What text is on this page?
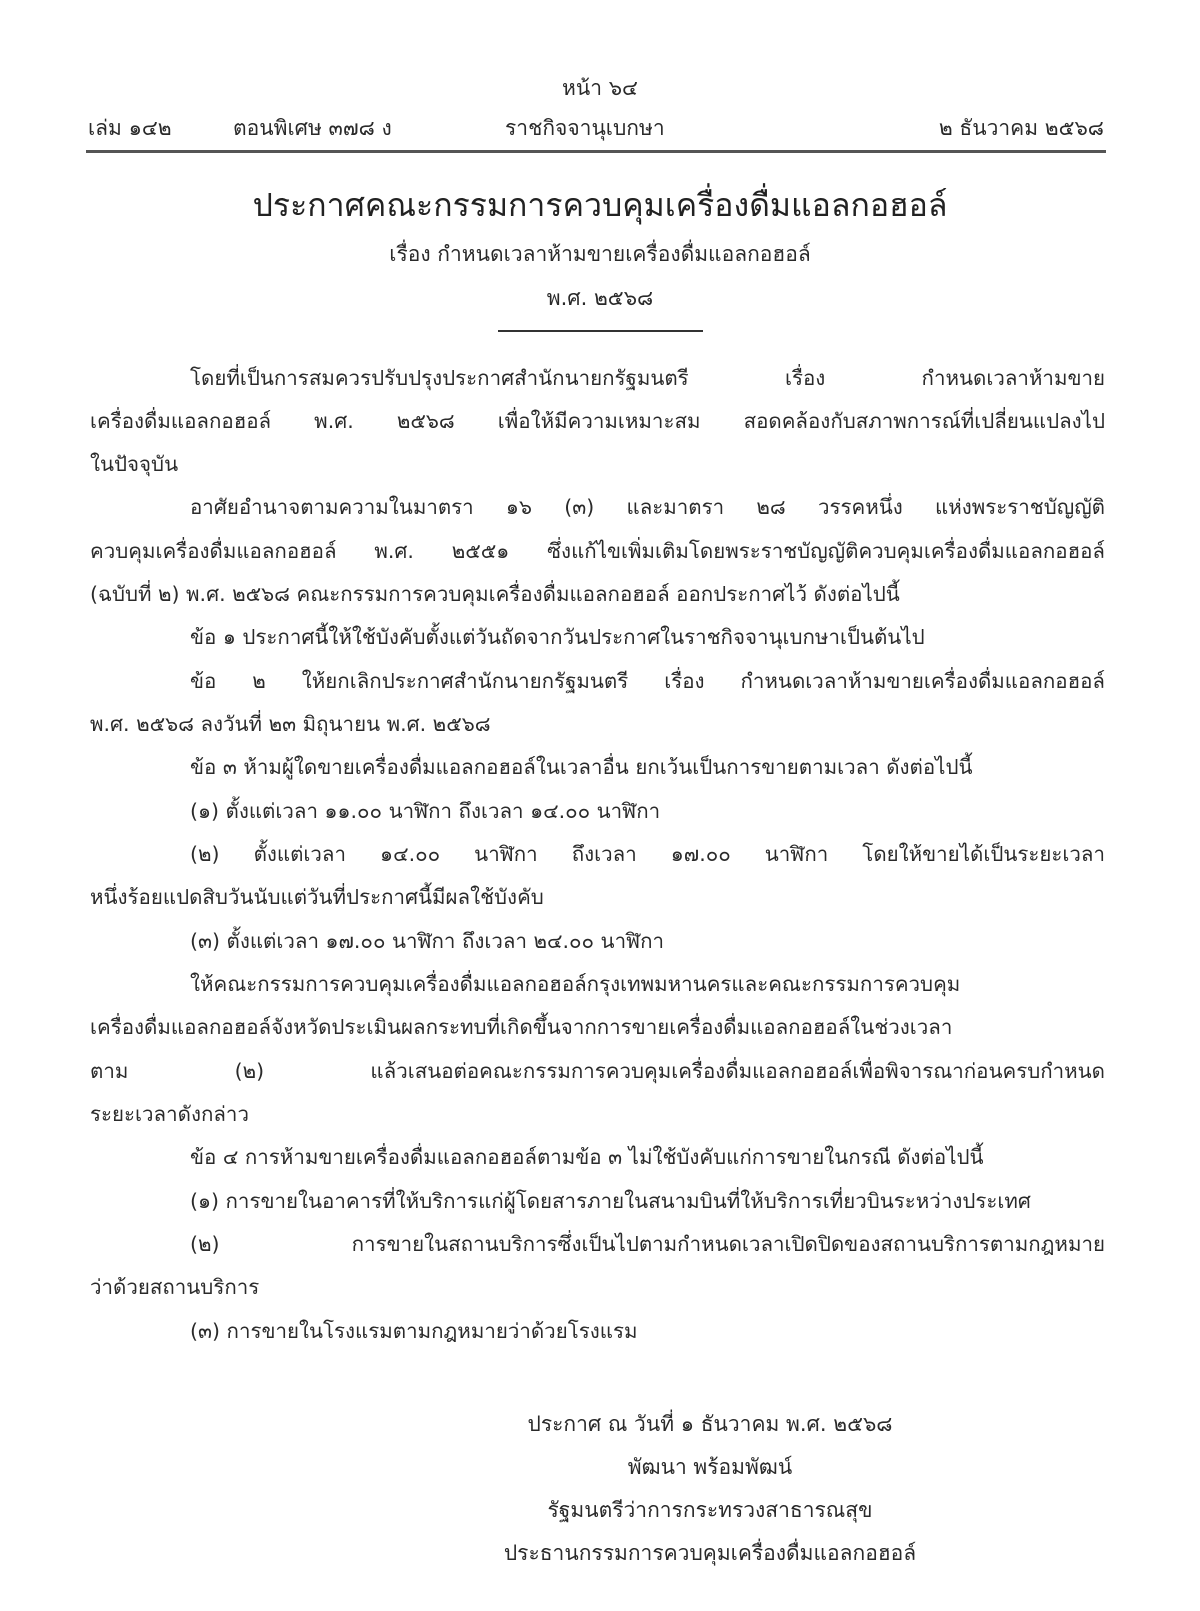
หน้า ๖๔
เล่ม ๑๔๒	ตอนพิเศษ ๓๗๘ ง	ราชกิจจานุเบกษา	๒ ธันวาคม ๒๕๖๘
ประกาศคณะกรรมการควบคุมเครื่องดื่มแอลกอฮอล์
เรื่อง กำหนดเวลาห้ามขายเครื่องดื่มแอลกอฮอล์
พ.ศ. ๒๕๖๘
โดยที่เป็นการสมควรปรับปรุงประกาศสำนักนายกรัฐมนตรี เรื่อง กำหนดเวลาห้ามขาย
เครื่องดื่มแอลกอฮอล์ พ.ศ. ๒๕๖๘ เพื่อให้มีความเหมาะสม สอดคล้องกับสภาพการณ์ที่เปลี่ยนแปลงไป
ในปัจจุบัน
อาศัยอำนาจตามความในมาตรา ๑๖ (๓) และมาตรา ๒๘ วรรคหนึ่ง แห่งพระราชบัญญัติ
ควบคุมเครื่องดื่มแอลกอฮอล์ พ.ศ. ๒๕๕๑ ซึ่งแก้ไขเพิ่มเติมโดยพระราชบัญญัติควบคุมเครื่องดื่มแอลกอฮอล์
(ฉบับที่ ๒) พ.ศ. ๒๕๖๘ คณะกรรมการควบคุมเครื่องดื่มแอลกอฮอล์ ออกประกาศไว้ ดังต่อไปนี้
ข้อ ๑ ประกาศนี้ให้ใช้บังคับตั้งแต่วันถัดจากวันประกาศในราชกิจจานุเบกษาเป็นต้นไป
ข้อ ๒ ให้ยกเลิกประกาศสำนักนายกรัฐมนตรี เรื่อง กำหนดเวลาห้ามขายเครื่องดื่มแอลกอฮอล์
พ.ศ. ๒๕๖๘ ลงวันที่ ๒๓ มิถุนายน พ.ศ. ๒๕๖๘
ข้อ ๓ ห้ามผู้ใดขายเครื่องดื่มแอลกอฮอล์ในเวลาอื่น ยกเว้นเป็นการขายตามเวลา ดังต่อไปนี้
(๑) ตั้งแต่เวลา ๑๑.๐๐ นาฬิกา ถึงเวลา ๑๔.๐๐ นาฬิกา
(๒) ตั้งแต่เวลา ๑๔.๐๐ นาฬิกา ถึงเวลา ๑๗.๐๐ นาฬิกา โดยให้ขายได้เป็นระยะเวลา
หนึ่งร้อยแปดสิบวันนับแต่วันที่ประกาศนี้มีผลใช้บังคับ
(๓) ตั้งแต่เวลา ๑๗.๐๐ นาฬิกา ถึงเวลา ๒๔.๐๐ นาฬิกา
ให้คณะกรรมการควบคุมเครื่องดื่มแอลกอฮอล์กรุงเทพมหานครและคณะกรรมการควบคุม
เครื่องดื่มแอลกอฮอล์จังหวัดประเมินผลกระทบที่เกิดขึ้นจากการขายเครื่องดื่มแอลกอฮอล์ในช่วงเวลา
ตาม (๒) แล้วเสนอต่อคณะกรรมการควบคุมเครื่องดื่มแอลกอฮอล์เพื่อพิจารณาก่อนครบกำหนด
ระยะเวลาดังกล่าว
ข้อ ๔ การห้ามขายเครื่องดื่มแอลกอฮอล์ตามข้อ ๓ ไม่ใช้บังคับแก่การขายในกรณี ดังต่อไปนี้
(๑) การขายในอาคารที่ให้บริการแก่ผู้โดยสารภายในสนามบินที่ให้บริการเที่ยวบินระหว่างประเทศ
(๒) การขายในสถานบริการซึ่งเป็นไปตามกำหนดเวลาเปิดปิดของสถานบริการตามกฎหมาย
ว่าด้วยสถานบริการ
(๓) การขายในโรงแรมตามกฎหมายว่าด้วยโรงแรม
ประกาศ ณ วันที่ ๑ ธันวาคม พ.ศ. ๒๕๖๘
พัฒนา พร้อมพัฒน์
รัฐมนตรีว่าการกระทรวงสาธารณสุข
ประธานกรรมการควบคุมเครื่องดื่มแอลกอฮอล์
